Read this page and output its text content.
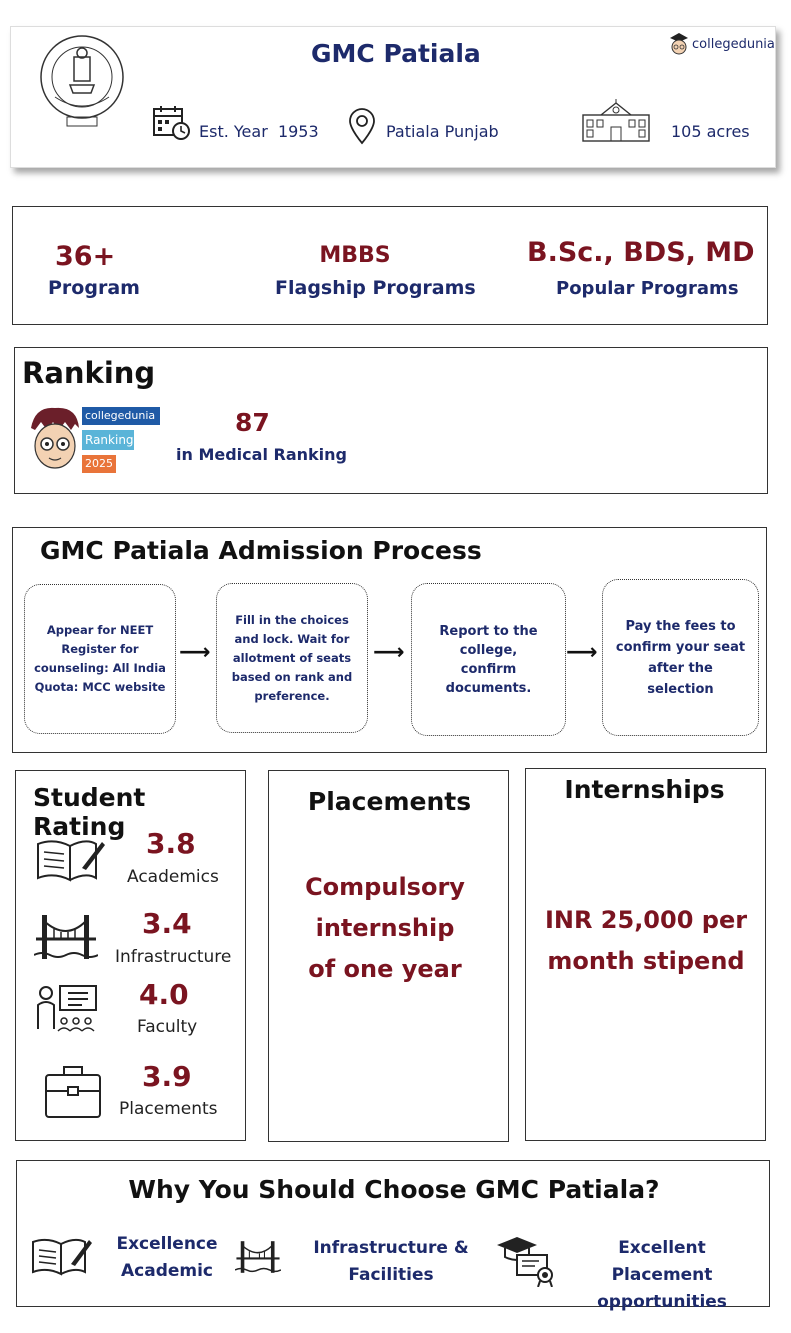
GMC Patiala	collegedunia
Est. Year 1953	Patiala Punjab	105 acres
36+
Program
MBBS
Flagship Programs
B.Sc., BDS, MD
Popular Programs
Ranking
collegedunia
Ranking
2025
87
in Medical Ranking
GMC Patiala Admission Process
Appear for NEET Register for counseling: All India Quota: MCC website
⟶
Fill in the choices and lock. Wait for allotment of seats based on rank and preference.
⟶
Report to the college, confirm documents.
⟶
Pay the fees to confirm your seat after the selection
Student Rating
3.8
Academics
3.4
Infrastructure
4.0
Faculty
3.9
Placements
Placements
Compulsory
internship
of one year
Internships
INR 25,000 per
month stipend
Why You Should Choose GMC Patiala?
Excellence
Academic
Infrastructure &
Facilities
Excellent Placement
opportunities
